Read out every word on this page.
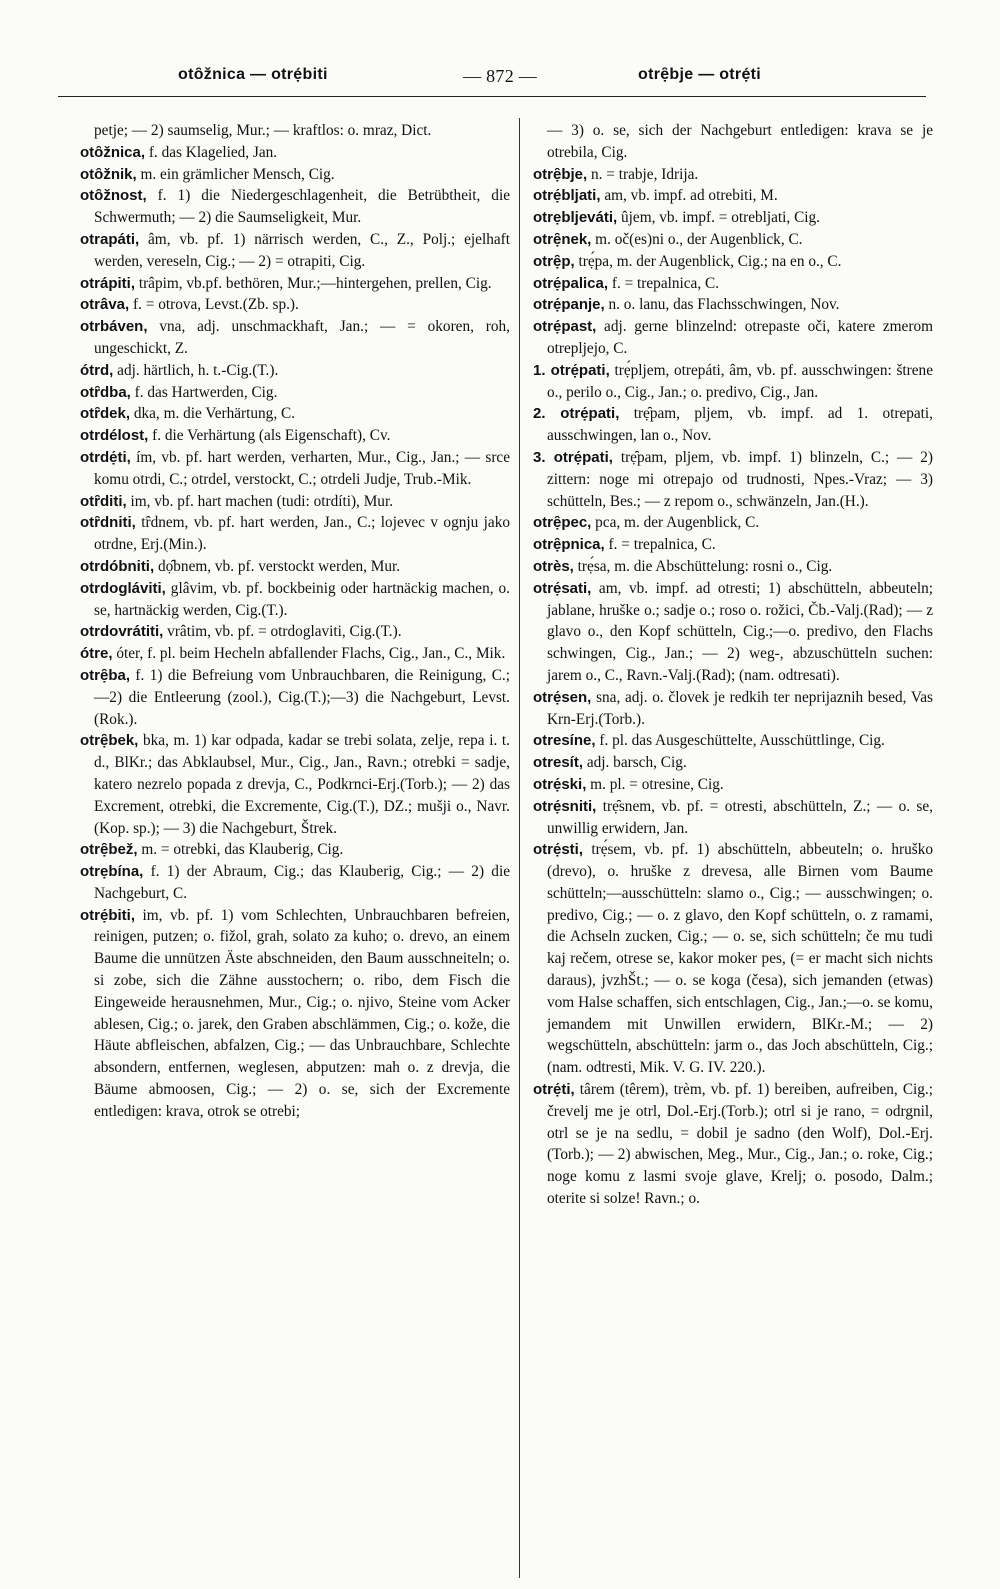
otȏžnica — otrẹ́biti	— 872 —	otrẹ̑bje — otrẹ́ti

petje; — 2) saumselig, Mur.; — kraftlos: o. mraz, Dict.

otȏžnica, f. das Klagelied, Jan.

otȏžnik, m. ein grämlicher Mensch, Cig.

otȏžnost, f. 1) die Niedergeschlagenheit, die Betrübtheit, die Schwermuth; — 2) die Saumseligkeit, Mur.

otrapáti, âm, vb. pf. 1) närrisch werden, C., Z., Polj.; ejelhaft werden, vereseln, Cig.; — 2) = otrapiti, Cig.

otrápiti, trâpim, vb.pf. bethören, Mur.;—hintergehen, prellen, Cig.

otrâva, f. = otrova, Levst.(Zb. sp.).

otrbáven, vna, adj. unschmackhaft, Jan.; — = okoren, roh, ungeschickt, Z.

ótrd, adj. härtlich, h. t.-Cig.(T.).

otȓdba, f. das Hartwerden, Cig.

otȓdek, dka, m. die Verhärtung, C.

otrdélost, f. die Verhärtung (als Eigenschaft), Cv.

otrdẹ́ti, ím, vb. pf. hart werden, verharten, Mur., Cig., Jan.; — srce komu otrdi, C.; otrdel, verstockt, C.; otrdeli Judje, Trub.-Mik.

otȓditi, im, vb. pf. hart machen (tudi: otrdíti), Mur.

otȓdniti, tȓdnem, vb. pf. hart werden, Jan., C.; lojevec v ognju jako otrdne, Erj.(Min.).

otrdóbniti, dọ̑bnem, vb. pf. verstockt werden, Mur.

otrdogláviti, glâvim, vb. pf. bockbeinig oder hartnäckig machen, o. se, hartnäckig werden, Cig.(T.).

otrdovrátiti, vrâtim, vb. pf. = otrdoglaviti, Cig.(T.).

ótre, óter, f. pl. beim Hecheln abfallender Flachs, Cig., Jan., C., Mik.

otrẹ̑ba, f. 1) die Befreiung vom Unbrauchbaren, die Reinigung, C.;—2) die Entleerung (zool.), Cig.(T.);—3) die Nachgeburt, Levst.(Rok.).

otrẹ̑bek, bka, m. 1) kar odpada, kadar se trebi solata, zelje, repa i. t. d., BlKr.; das Abklaubsel, Mur., Cig., Jan., Ravn.; otrebki = sadje, katero nezrelo popada z drevja, C., Podkrnci-Erj.(Torb.); — 2) das Excrement, otrebki, die Excremente, Cig.(T.), DZ.; mušji o., Navr.(Kop. sp.); — 3) die Nachgeburt, Štrek.

otrẹ̑bež, m. = otrebki, das Klauberig, Cig.

otrẹbína, f. 1) der Abraum, Cig.; das Klauberig, Cig.; — 2) die Nachgeburt, C.

otrẹ́biti, im, vb. pf. 1) vom Schlechten, Unbrauchbaren befreien, reinigen, putzen; o. fižol, grah, solato za kuho; o. drevo, an einem Baume die unnützen Äste abschneiden, den Baum ausschneiteln; o. si zobe, sich die Zähne ausstochern; o. ribo, dem Fisch die Eingeweide herausnehmen, Mur., Cig.; o. njivo, Steine vom Acker ablesen, Cig.; o. jarek, den Graben abschlämmen, Cig.; o. kože, die Häute abfleischen, abfalzen, Cig.; — das Unbrauchbare, Schlechte absondern, entfernen, weglesen, abputzen: mah o. z drevja, die Bäume abmoosen, Cig.; — 2) o. se, sich der Excremente entledigen: krava, otrok se otrebi;

— 3) o. se, sich der Nachgeburt entledigen: krava se je otrebila, Cig.

otrẹ̑bje, n. = trabje, Idrija.

otrẹ́bljati, am, vb. impf. ad otrebiti, M.

otrẹbljeváti, ûjem, vb. impf. = otrebljati, Cig.

otrẹ̑nek, m. oč(es)ni o., der Augenblick, C.

otrẹ̑p, trẹ́pa, m. der Augenblick, Cig.; na en o., C.

otrẹ́palica, f. = trepalnica, C.

otrẹ́panje, n. o. lanu, das Flachsschwingen, Nov.

otrẹ́past, adj. gerne blinzelnd: otrepaste oči, katere zmerom otrepljejo, C.

1. otrẹ́pati, trẹ́pljem, otrepáti, âm, vb. pf. ausschwingen: štrene o., perilo o., Cig., Jan.; o. predivo, Cig., Jan.

2. otrẹ́pati, trẹ̑pam, pljem, vb. impf. ad 1. otrepati, ausschwingen, lan o., Nov.

3. otrẹ́pati, trẹ̑pam, pljem, vb. impf. 1) blinzeln, C.; — 2) zittern: noge mi otrepajo od trudnosti, Npes.-Vraz; — 3) schütteln, Bes.; — z repom o., schwänzeln, Jan.(H.).

otrẹ̑pec, pca, m. der Augenblick, C.

otrẹ̑pnica, f. = trepalnica, C.

otrès, trẹ́sa, m. die Abschüttelung: rosni o., Cig.

otrẹ́sati, am, vb. impf. ad otresti; 1) abschütteln, abbeuteln; jablane, hruške o.; sadje o.; roso o. rožici, Čb.-Valj.(Rad); — z glavo o., den Kopf schütteln, Cig.;—o. predivo, den Flachs schwingen, Cig., Jan.; — 2) weg-, abzuschütteln suchen: jarem o., C., Ravn.-Valj.(Rad); (nam. odtresati).

otrẹ́sen, sna, adj. o. človek je redkih ter neprijaznih besed, Vas Krn-Erj.(Torb.).

otresíne, f. pl. das Ausgeschüttelte, Ausschüttlinge, Cig.

otresít, adj. barsch, Cig.

otrẹ́ski, m. pl. = otresine, Cig.

otrẹ́sniti, trẹ̑snem, vb. pf. = otresti, abschütteln, Z.; — o. se, unwillig erwidern, Jan.

otrẹ́sti, trẹ́sem, vb. pf. 1) abschütteln, abbeuteln; o. hruško (drevo), o. hruške z drevesa, alle Birnen vom Baume schütteln;—ausschütteln: slamo o., Cig.; — ausschwingen; o. predivo, Cig.; — o. z glavo, den Kopf schütteln, o. z ramami, die Achseln zucken, Cig.; — o. se, sich schütteln; če mu tudi kaj rečem, otrese se, kakor moker pes, (= er macht sich nichts daraus), jvzhŠt.; — o. se koga (česa), sich jemanden (etwas) vom Halse schaffen, sich entschlagen, Cig., Jan.;—o. se komu, jemandem mit Unwillen erwidern, BlKr.-M.; — 2) wegschütteln, abschütteln: jarm o., das Joch abschütteln, Cig.; (nam. odtresti, Mik. V. G. IV. 220.).

otrẹ́ti, târem (têrem), trèm, vb. pf. 1) bereiben, aufreiben, Cig.; črevelj me je otrl, Dol.-Erj.(Torb.); otrl si je rano, = odrgnil, otrl se je na sedlu, = dobil je sadno (den Wolf), Dol.-Erj.(Torb.); — 2) abwischen, Meg., Mur., Cig., Jan.; o. roke, Cig.; noge komu z lasmi svoje glave, Krelj; o. posodo, Dalm.; oterite si solze! Ravn.; o.
